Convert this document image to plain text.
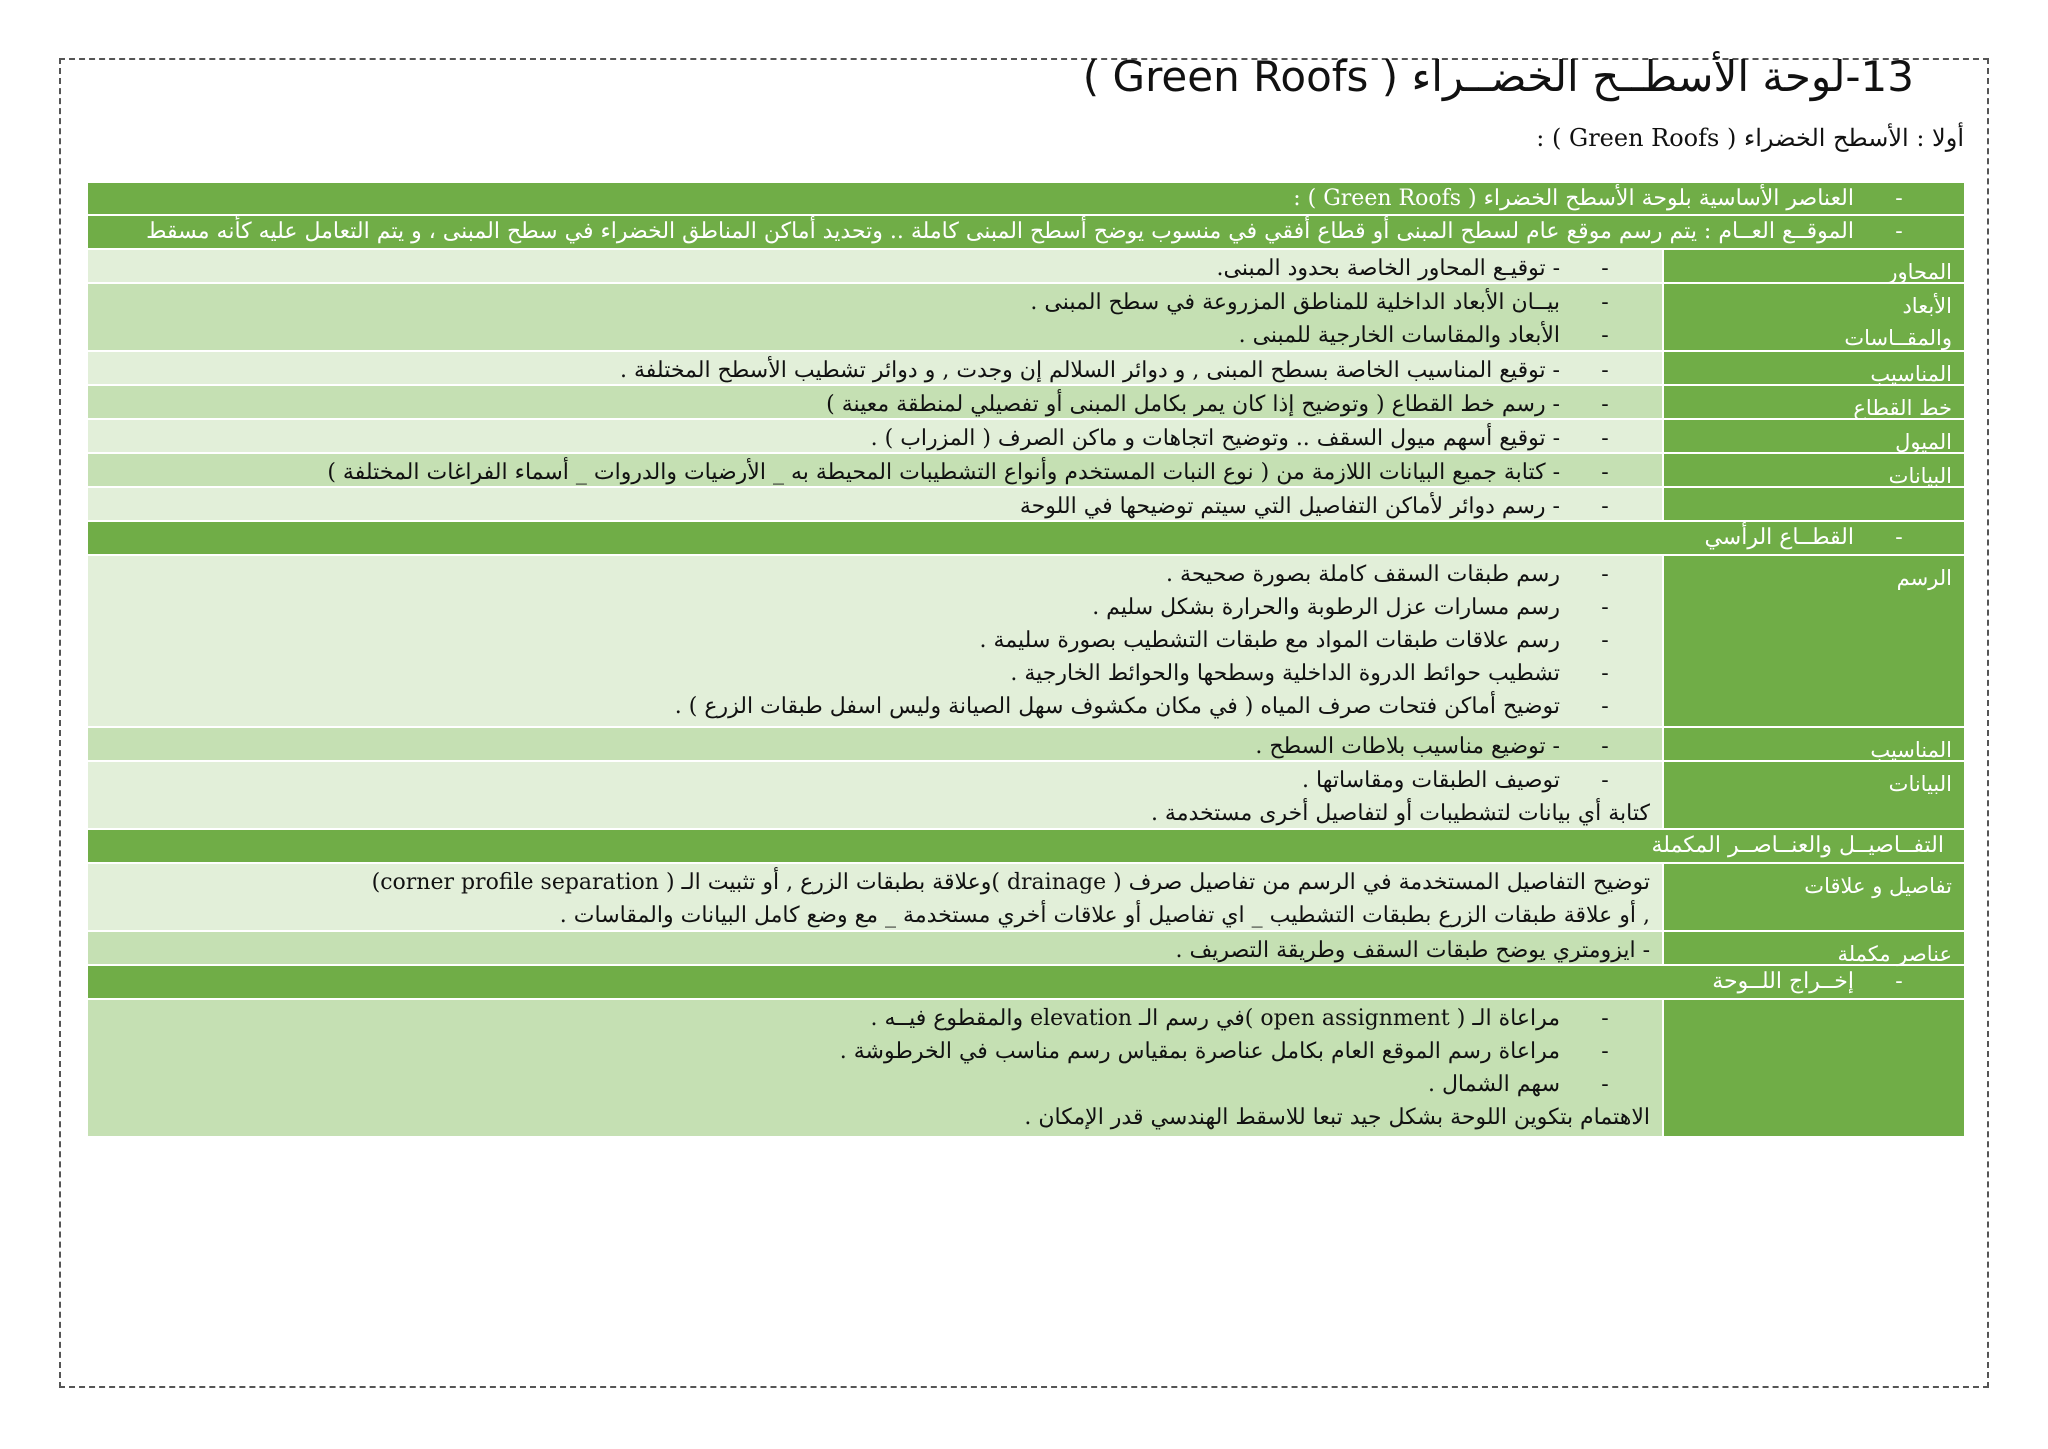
13-لوحة الأسطــح الخضــراء ( Green Roofs )
أولا : الأسطح الخضراء ( Green Roofs ) :
-
العناصر الأساسية بلوحة الأسطح الخضراء ( Green Roofs ) :
-
الموقــع العــام : يتم رسم موقع عام لسطح المبنى أو قطاع أفقي في منسوب يوضح أسطح المبنى كاملة .. وتحديد أماكن المناطق الخضراء في سطح المبنى ، و يتم التعامل عليه كأنه مسقط
المحاور
-- توقيـع المحاور الخاصة بحدود المبنى.
الأبعاد
والمقــاسات
-بيــان الأبعاد الداخلية للمناطق المزروعة في سطح المبنى .
-الأبعاد والمقاسات الخارجية للمبنى .
المناسيب
-- توقيع المناسيب الخاصة بسطح المبنى , و دوائر السلالم إن وجدت , و دوائر تشطيب الأسطح المختلفة .
خط القطاع
-- رسم خط القطاع ( وتوضيح إذا كان يمر بكامل المبنى أو تفصيلي لمنطقة معينة )
الميول
-- توقيع أسهم ميول السقف .. وتوضيح اتجاهات و ماكن الصرف ( المزراب ) .
البيانات
-- كتابة جميع البيانات اللازمة من ( نوع النبات المستخدم وأنواع التشطيبات المحيطة به _ الأرضيات والدروات _ أسماء الفراغات المختلفة )
-- رسم دوائر لأماكن التفاصيل التي سيتم توضيحها في اللوحة
-
القطــاع الرأسي
الرسم
-رسم طبقات السقف كاملة بصورة صحيحة .
-رسم مسارات عزل الرطوبة والحرارة بشكل سليم .
-رسم علاقات طبقات المواد مع طبقات التشطيب بصورة سليمة .
-تشطيب حوائط الدروة الداخلية وسطحها والحوائط الخارجية .
-توضيح أماكن فتحات صرف المياه ( في مكان مكشوف سهل الصيانة وليس اسفل طبقات الزرع ) .
المناسيب
-- توضيع مناسيب بلاطات السطح .
البيانات
-توصيف الطبقات ومقاساتها .
كتابة أي بيانات لتشطيبات أو لتفاصيل أخرى مستخدمة .
التفــاصيــل والعنــاصــر المكملة
تفاصيل و علاقات
توضيح التفاصيل المستخدمة في الرسم من تفاصيل صرف ( drainage )وعلاقة بطبقات الزرع , أو تثبيت الـ ( corner profile separation)
, أو علاقة طبقات الزرع بطبقات التشطيب _ اي تفاصيل أو علاقات أخري مستخدمة _ مع وضع كامل البيانات والمقاسات .
عناصر مكملة
- ايزومتري يوضح طبقات السقف وطريقة التصريف .
-
إخــراج اللــوحة
-مراعاة الـ ( open assignment )في رسم الـ elevation والمقطوع فيــه .
-مراعاة رسم الموقع العام بكامل عناصرة بمقياس رسم مناسب في الخرطوشة .
-سهم الشمال .
الاهتمام بتكوين اللوحة بشكل جيد تبعا للاسقط الهندسي قدر الإمكان .
